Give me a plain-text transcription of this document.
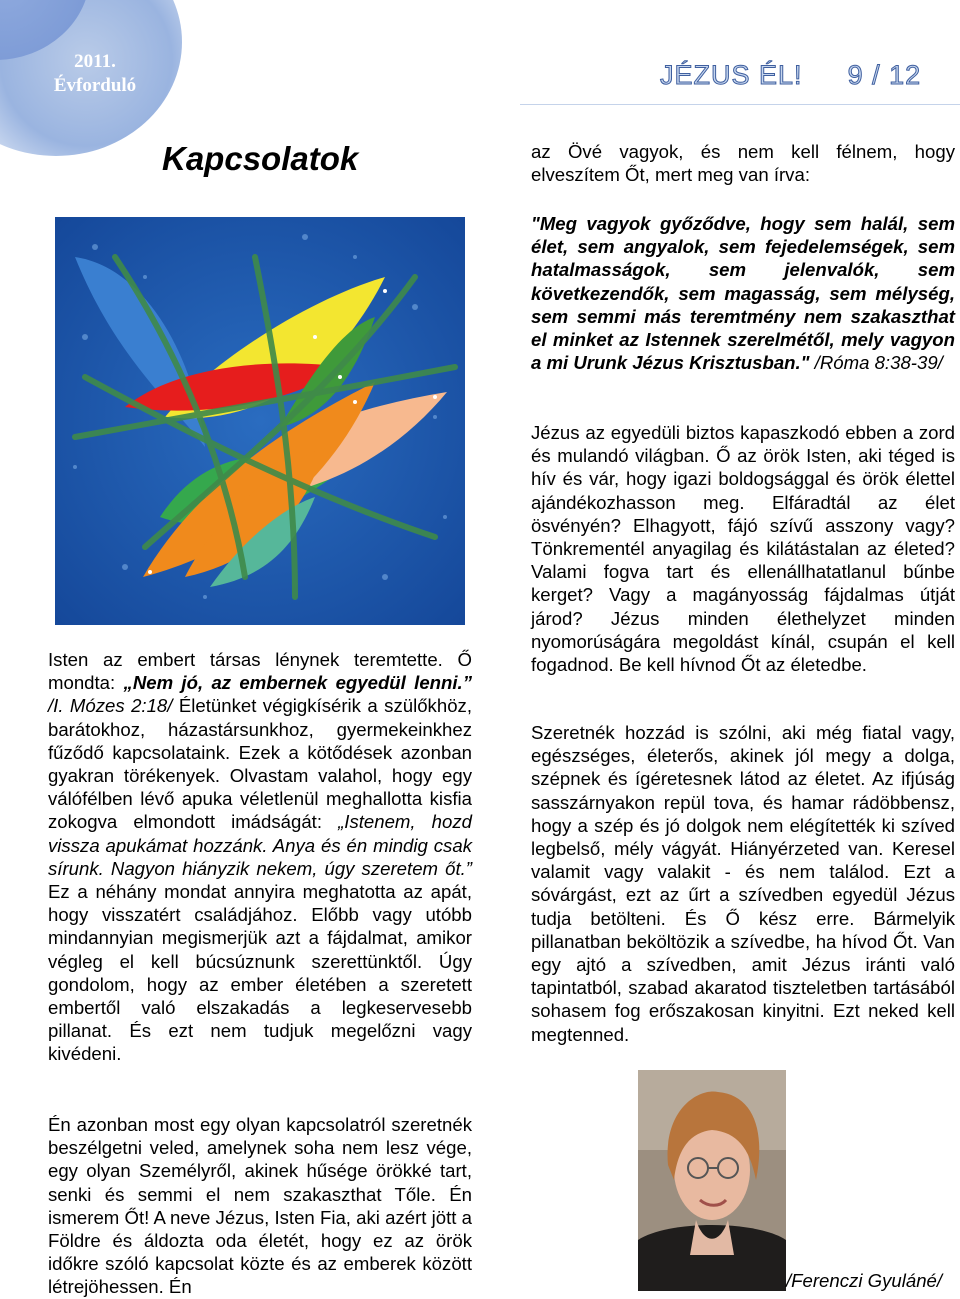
2011.
Évforduló	JÉZUS ÉL! 9 / 12
Kapcsolatok

Isten az embert társas lénynek teremtette. Ő mondta: „Nem jó, az embernek egyedül lenni.” /I. Mózes 2:18/ Életünket végigkísérik a szülőkhöz, barátokhoz, házastársunkhoz, gyermekeinkhez fűződő kapcsolataink. Ezek a kötődések azonban gyakran törékenyek. Olvastam valahol, hogy egy válófélben lévő apuka véletlenül meghallotta kisfia zokogva elmondott imádságát: „Istenem, hozd vissza apukámat hozzánk. Anya és én mindig csak sírunk. Nagyon hiányzik nekem, úgy szeretem őt.” Ez a néhány mondat annyira meghatotta az apát, hogy visszatért családjához. Előbb vagy utóbb mindannyian megismerjük azt a fájdalmat, amikor végleg el kell búcsúznunk szerettünktől. Úgy gondolom, hogy az ember életében a szeretett embertől való elszakadás a legkeservesebb pillanat. És ezt nem tudjuk megelőzni vagy kivédeni.

Én azonban most egy olyan kapcsolatról szeretnék beszélgetni veled, amelynek soha nem lesz vége, egy olyan Személyről, akinek hűsége örökké tart, senki és semmi el nem szakaszthat Tőle. Én ismerem Őt! A neve Jézus, Isten Fia, aki azért jött a Földre és áldozta oda életét, hogy ez az örök időkre szóló kapcsolat közte és az emberek között létrejöhessen. Én

az Övé vagyok, és nem kell félnem, hogy elveszítem Őt, mert meg van írva:

"Meg vagyok győződve, hogy sem halál, sem élet, sem angyalok, sem fejedelemségek, sem hatalmasságok, sem jelenvalók, sem következendők, sem magasság, sem mélység, sem semmi más teremtmény nem szakaszthat el minket az Istennek szerelmétől, mely vagyon a mi Urunk Jézus Krisztusban." /Róma 8:38-39/

Jézus az egyedüli biztos kapaszkodó ebben a zord és mulandó világban. Ő az örök Isten, aki téged is hív és vár, hogy igazi boldogsággal és örök élettel ajándékozhasson meg. Elfáradtál az élet ösvényén? Elhagyott, fájó szívű asszony vagy? Tönkrementél anyagilag és kilátástalan az életed? Valami fogva tart és ellenállhatatlanul bűnbe kerget? Vagy a magányosság fájdalmas útját járod? Jézus minden élethelyzet minden nyomorúságára megoldást kínál, csupán el kell fogadnod. Be kell hívnod Őt az életedbe.

Szeretnék hozzád is szólni, aki még fiatal vagy, egészséges, életerős, akinek jól megy a dolga, szépnek és ígéretesnek látod az életet. Az ifjúság sasszárnyakon repül tova, és hamar rádöbbensz, hogy a szép és jó dolgok nem elégítették ki szíved legbelső, mély vágyát. Hiányérzeted van. Keresel valamit vagy valakit - és nem találod. Ezt a sóvárgást, ezt az űrt a szívedben egyedül Jézus tudja betölteni. És Ő kész erre. Bármelyik pillanatban beköltözik a szívedbe, ha hívod Őt. Van egy ajtó a szívedben, amit Jézus iránti való tapintatból, szabad akaratod tiszteletben tartásából sohasem fog erőszakosan kinyitni. Ezt neked kell megtenned.

/Ferenczi Gyuláné/
